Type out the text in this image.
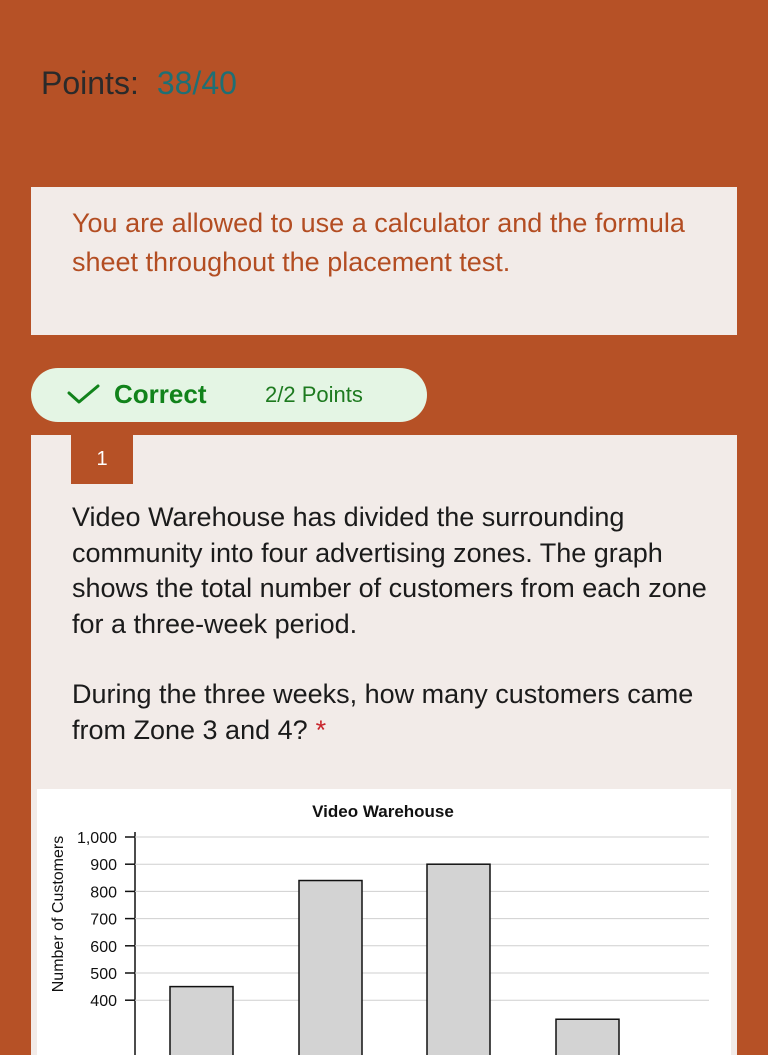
Points: 38/40
You are allowed to use a calculator and the formula sheet throughout the placement test.
Correct	2/2 Points
1

Video Warehouse has divided the surrounding community into four advertising zones. The graph shows the total number of customers from each zone for a three-week period.

During the three weeks, how many customers came from Zone 3 and 4? *

Video Warehouse
Number of Customers 1,000
900
800
700
600
500
400
